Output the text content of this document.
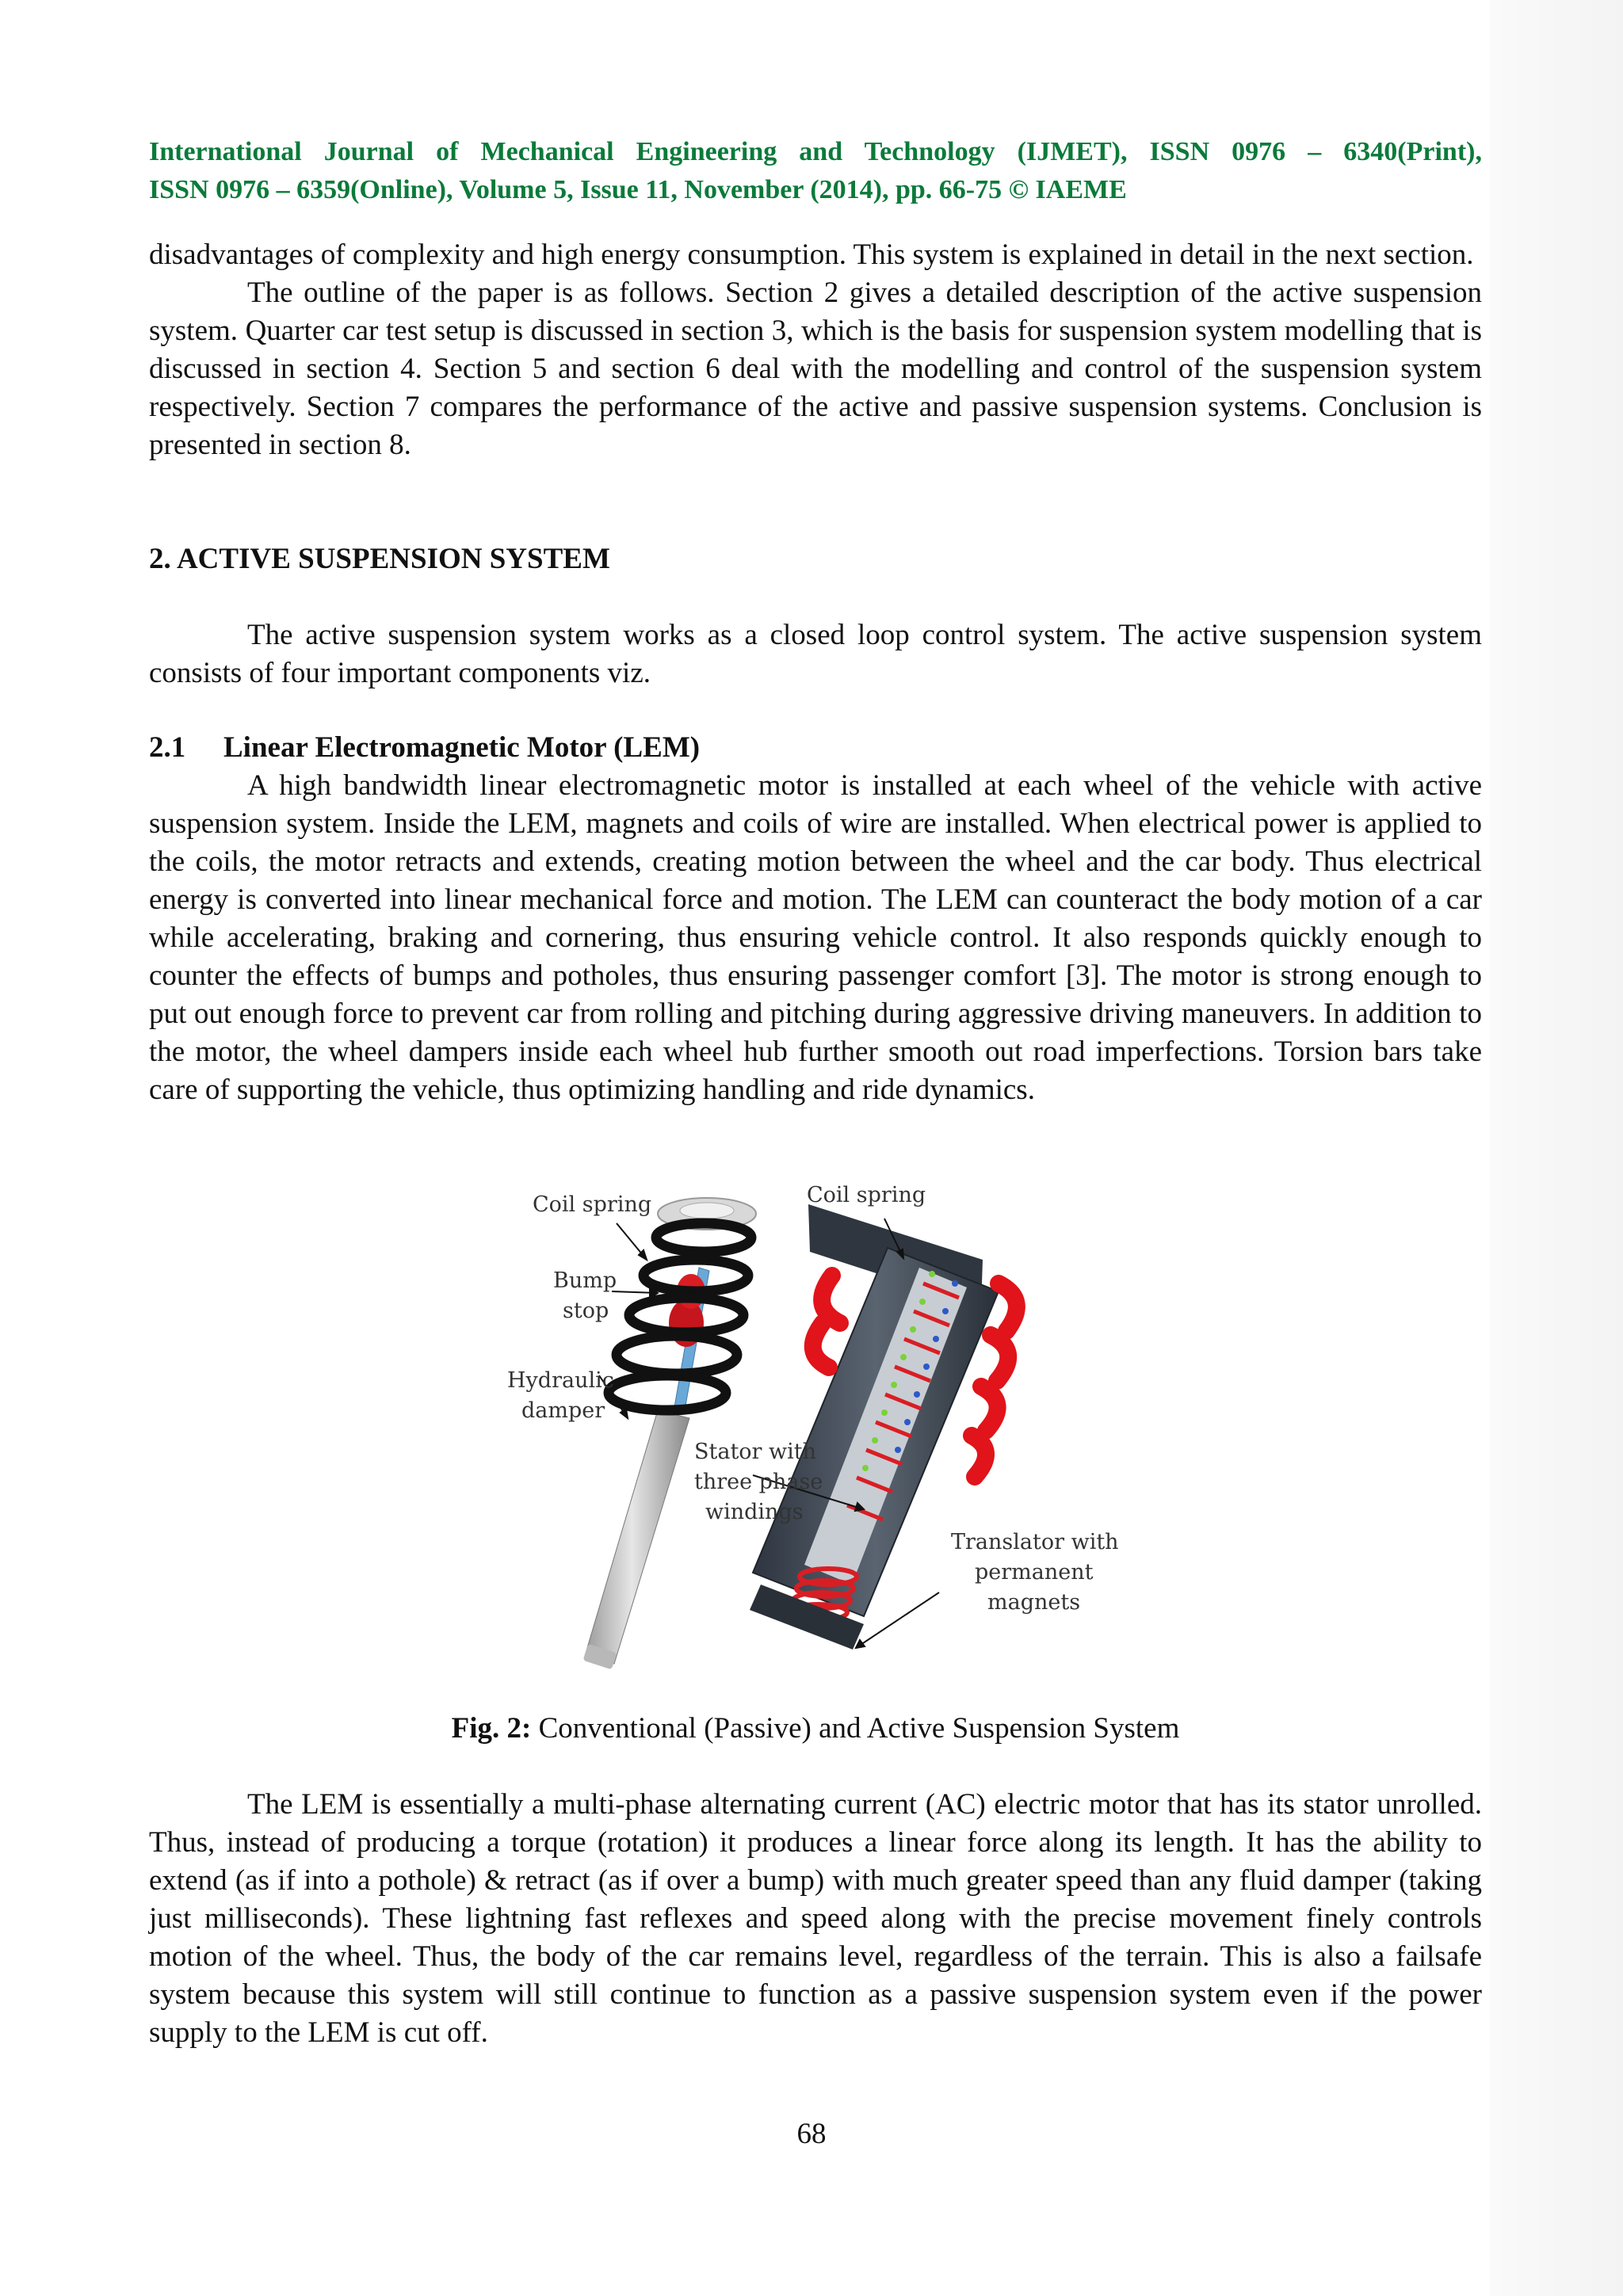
International Journal of Mechanical Engineering and Technology (IJMET), ISSN 0976 – 6340(Print),
ISSN 0976 – 6359(Online), Volume 5, Issue 11, November (2014), pp. 66-75 © IAEME

disadvantages of complexity and high energy consumption. This system is explained in detail in the next section.

The outline of the paper is as follows. Section 2 gives a detailed description of the active suspension system. Quarter car test setup is discussed in section 3, which is the basis for suspension system modelling that is discussed in section 4. Section 5 and section 6 deal with the modelling and control of the suspension system respectively. Section 7 compares the performance of the active and passive suspension systems. Conclusion is presented in section 8.

2. ACTIVE SUSPENSION SYSTEM

The active suspension system works as a closed loop control system. The active suspension system consists of four important components viz.

2.1 Linear Electromagnetic Motor (LEM)

A high bandwidth linear electromagnetic motor is installed at each wheel of the vehicle with active suspension system. Inside the LEM, magnets and coils of wire are installed. When electrical power is applied to the coils, the motor retracts and extends, creating motion between the wheel and the car body. Thus electrical energy is converted into linear mechanical force and motion. The LEM can counteract the body motion of a car while accelerating, braking and cornering, thus ensuring vehicle control. It also responds quickly enough to counter the effects of bumps and potholes, thus ensuring passenger comfort [3]. The motor is strong enough to put out enough force to prevent car from rolling and pitching during aggressive driving maneuvers. In addition to the motor, the wheel dampers inside each wheel hub further smooth out road imperfections. Torsion bars take care of supporting the vehicle, thus optimizing handling and ride dynamics.

Coil spring
Bump
stop
Hydraulic
damper
Coil spring
Stator with
three phase
windings
Translator with
permanent
magnets
Fig. 2: Conventional (Passive) and Active Suspension System

The LEM is essentially a multi-phase alternating current (AC) electric motor that has its stator unrolled. Thus, instead of producing a torque (rotation) it produces a linear force along its length. It has the ability to extend (as if into a pothole) & retract (as if over a bump) with much greater speed than any fluid damper (taking just milliseconds). These lightning fast reflexes and speed along with the precise movement finely controls motion of the wheel. Thus, the body of the car remains level, regardless of the terrain. This is also a failsafe system because this system will still continue to function as a passive suspension system even if the power supply to the LEM is cut off.

68
